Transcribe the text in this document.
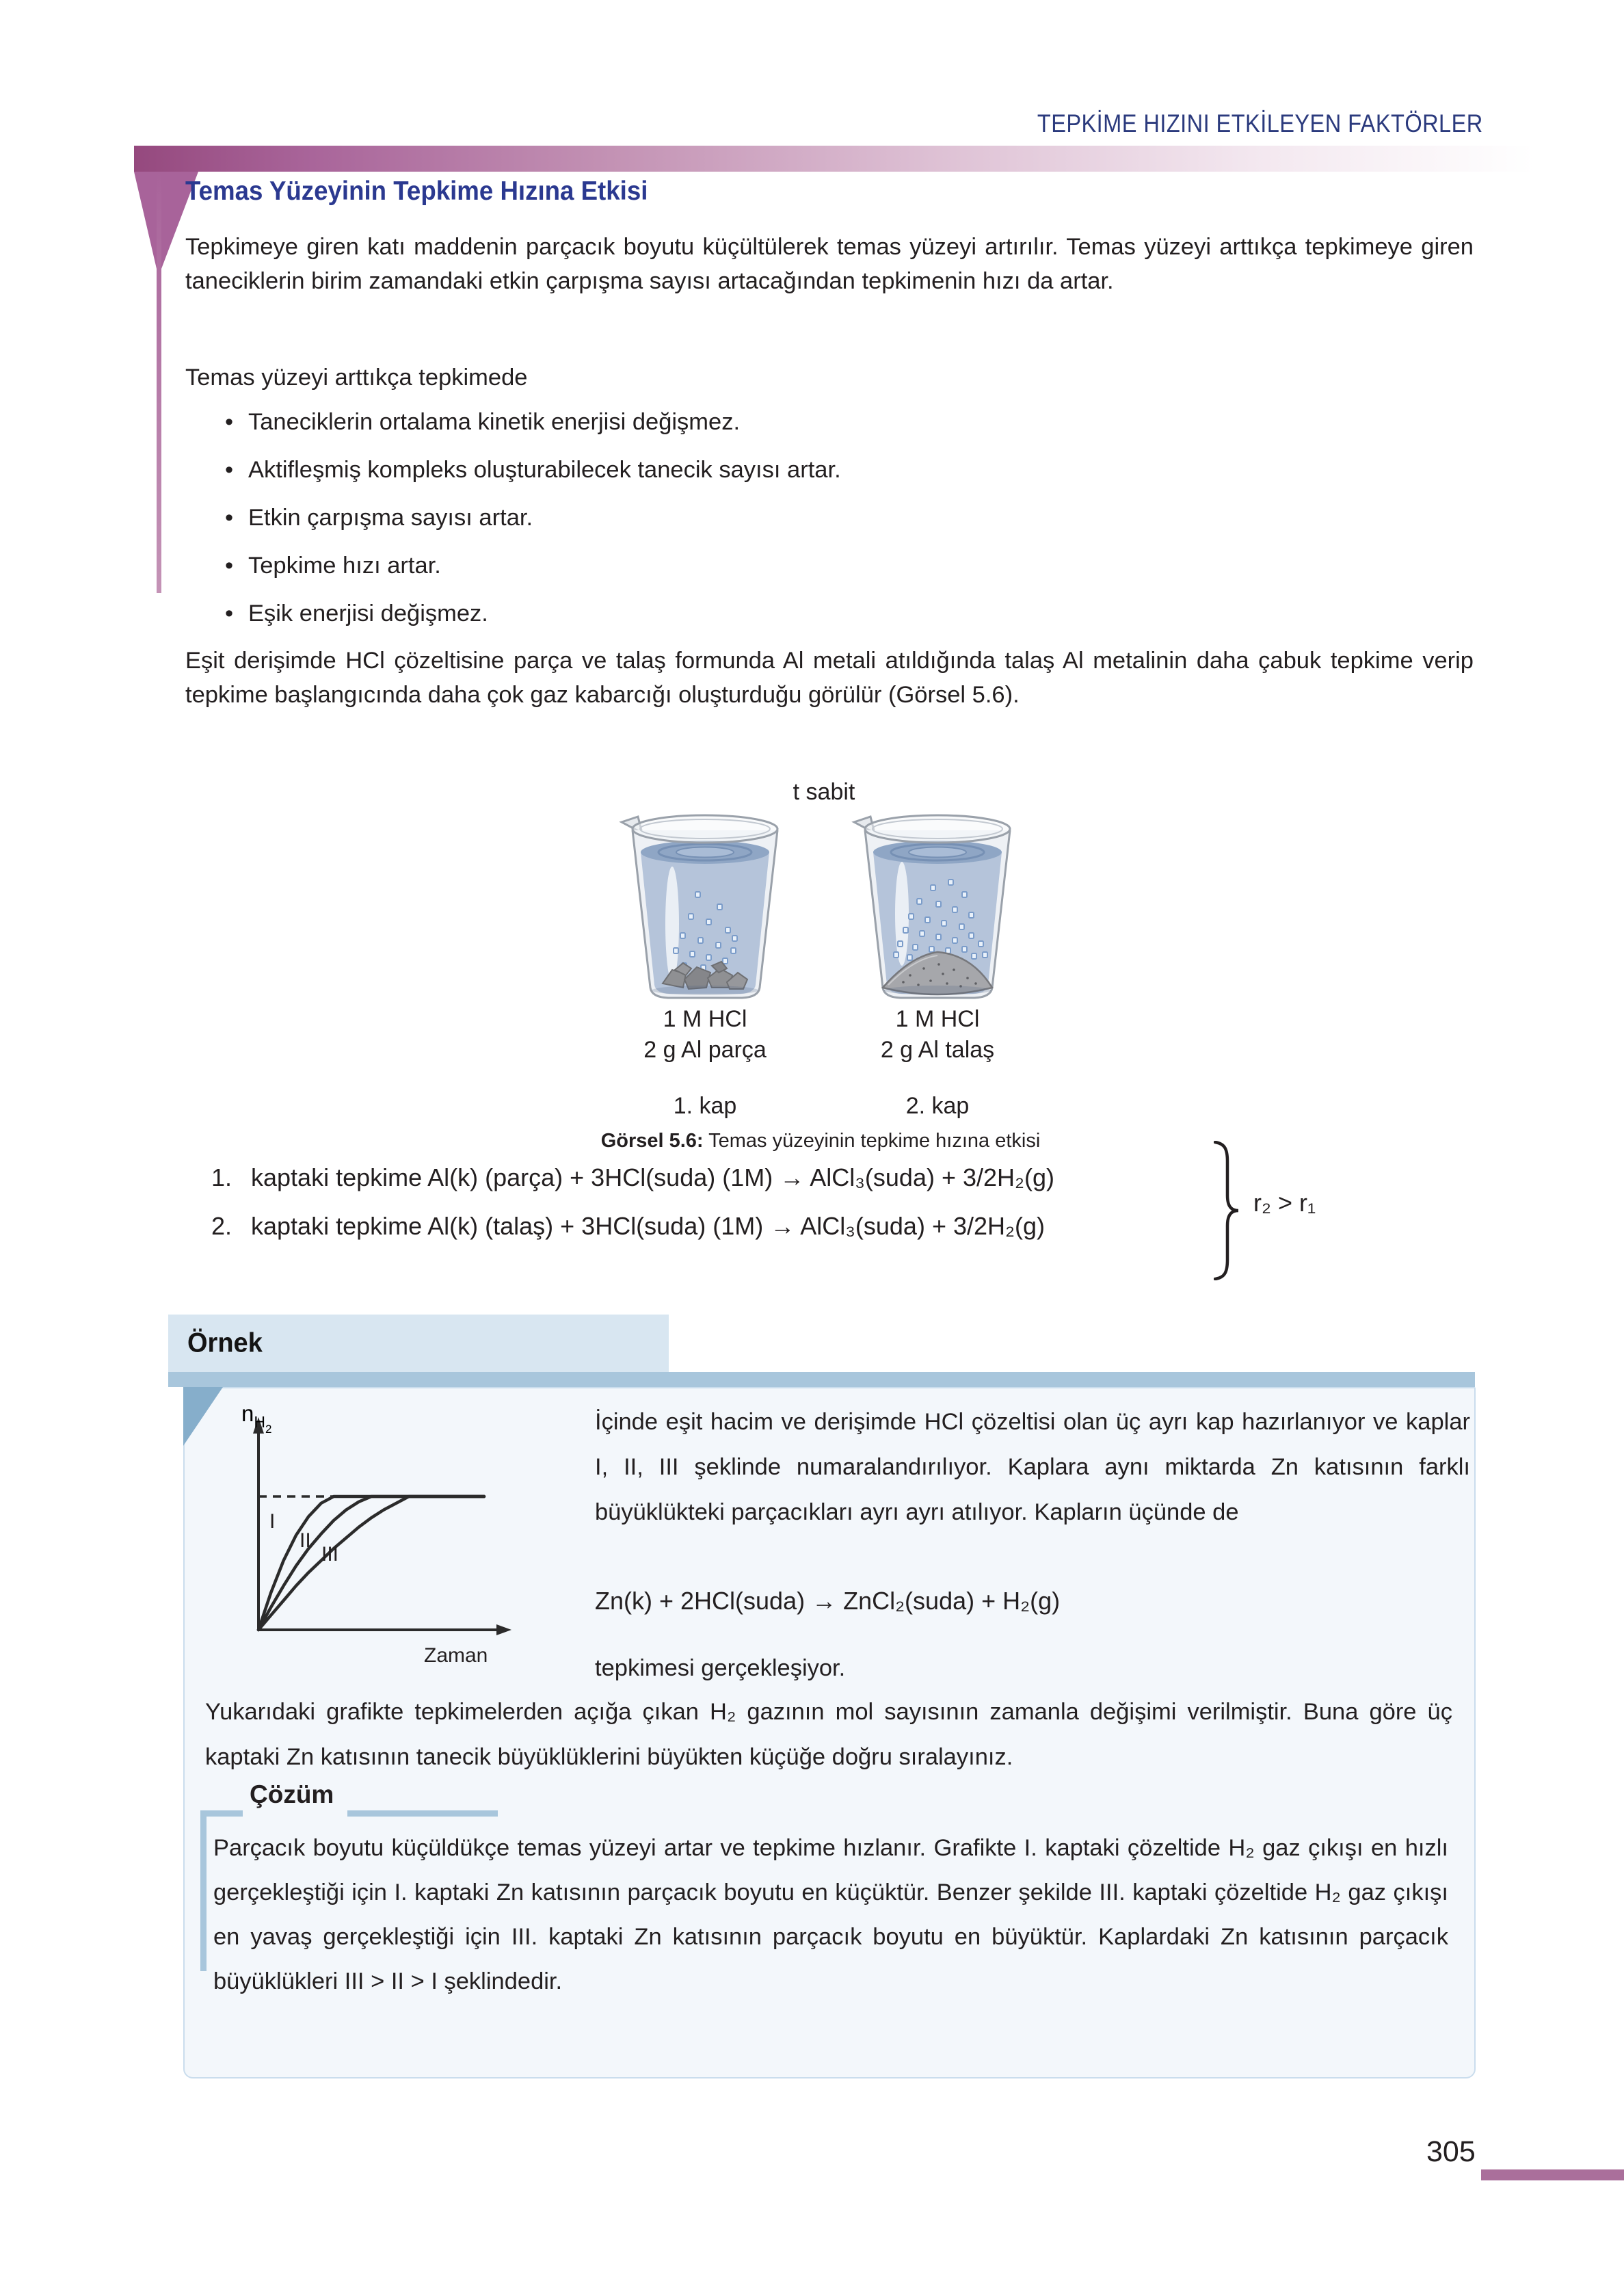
TEPKİME HIZINI ETKİLEYEN FAKTÖRLER
Temas Yüzeyinin Tepkime Hızına Etkisi

Tepkimeye giren katı maddenin parçacık boyutu küçültülerek temas yüzeyi artırılır. Temas yüzeyi arttıkça tepkimeye giren taneciklerin birim zamandaki etkin çarpışma sayısı artacağından tepkimenin hızı da artar.

Temas yüzeyi arttıkça tepkimede

• Taneciklerin ortalama kinetik enerjisi değişmez.
• Aktifleşmiş kompleks oluşturabilecek tanecik sayısı artar.
• Etkin çarpışma sayısı artar.
• Tepkime hızı artar.
• Eşik enerjisi değişmez.

Eşit derişimde HCl çözeltisine parça ve talaş formunda Al metali atıldığında talaş Al metalinin daha çabuk tepkime verip tepkime başlangıcında daha çok gaz kabarcığı oluşturduğu görülür (Görsel 5.6).

t sabit
1 M HCl
2 g Al parça
1 M HCl
2 g Al talaş
1. kap	2. kap
Görsel 5.6: Temas yüzeyinin tepkime hızına etkisi
1. kaptaki tepkime Al(k) (parça) + 3HCl(suda) (1M) → AlCl₃(suda) + 3/2H₂(g)
2. kaptaki tepkime Al(k) (talaş) + 3HCl(suda) (1M) → AlCl₃(suda) + 3/2H₂(g)
r₂ > r₁
Örnek
nH2
Zaman
I
II
III

İçinde eşit hacim ve derişimde HCl çözeltisi olan üç ayrı kap hazırlanıyor ve kaplar I, II, III şeklinde numaralandırılıyor. Kaplara aynı miktarda Zn katısının farklı büyüklükteki parçacıkları ayrı ayrı atılıyor. Kapların üçünde de

Zn(k) + 2HCl(suda) → ZnCl₂(suda) + H₂(g)
tepkimesi gerçekleşiyor.

Yukarıdaki grafikte tepkimelerden açığa çıkan H₂ gazının mol sayısının zamanla değişimi verilmiştir. Buna göre üç kaptaki Zn katısının tanecik büyüklüklerini büyükten küçüğe doğru sıralayınız.

Çözüm

Parçacık boyutu küçüldükçe temas yüzeyi artar ve tepkime hızlanır. Grafikte I. kaptaki çözeltide H₂ gaz çıkışı en hızlı gerçekleştiği için I. kaptaki Zn katısının parçacık boyutu en küçüktür. Benzer şekilde III. kaptaki çözeltide H₂ gaz çıkışı en yavaş gerçekleştiği için III. kaptaki Zn katısının parçacık boyutu en büyüktür. Kaplardaki Zn katısının parçacık büyüklükleri III > II > I şeklindedir.

305
